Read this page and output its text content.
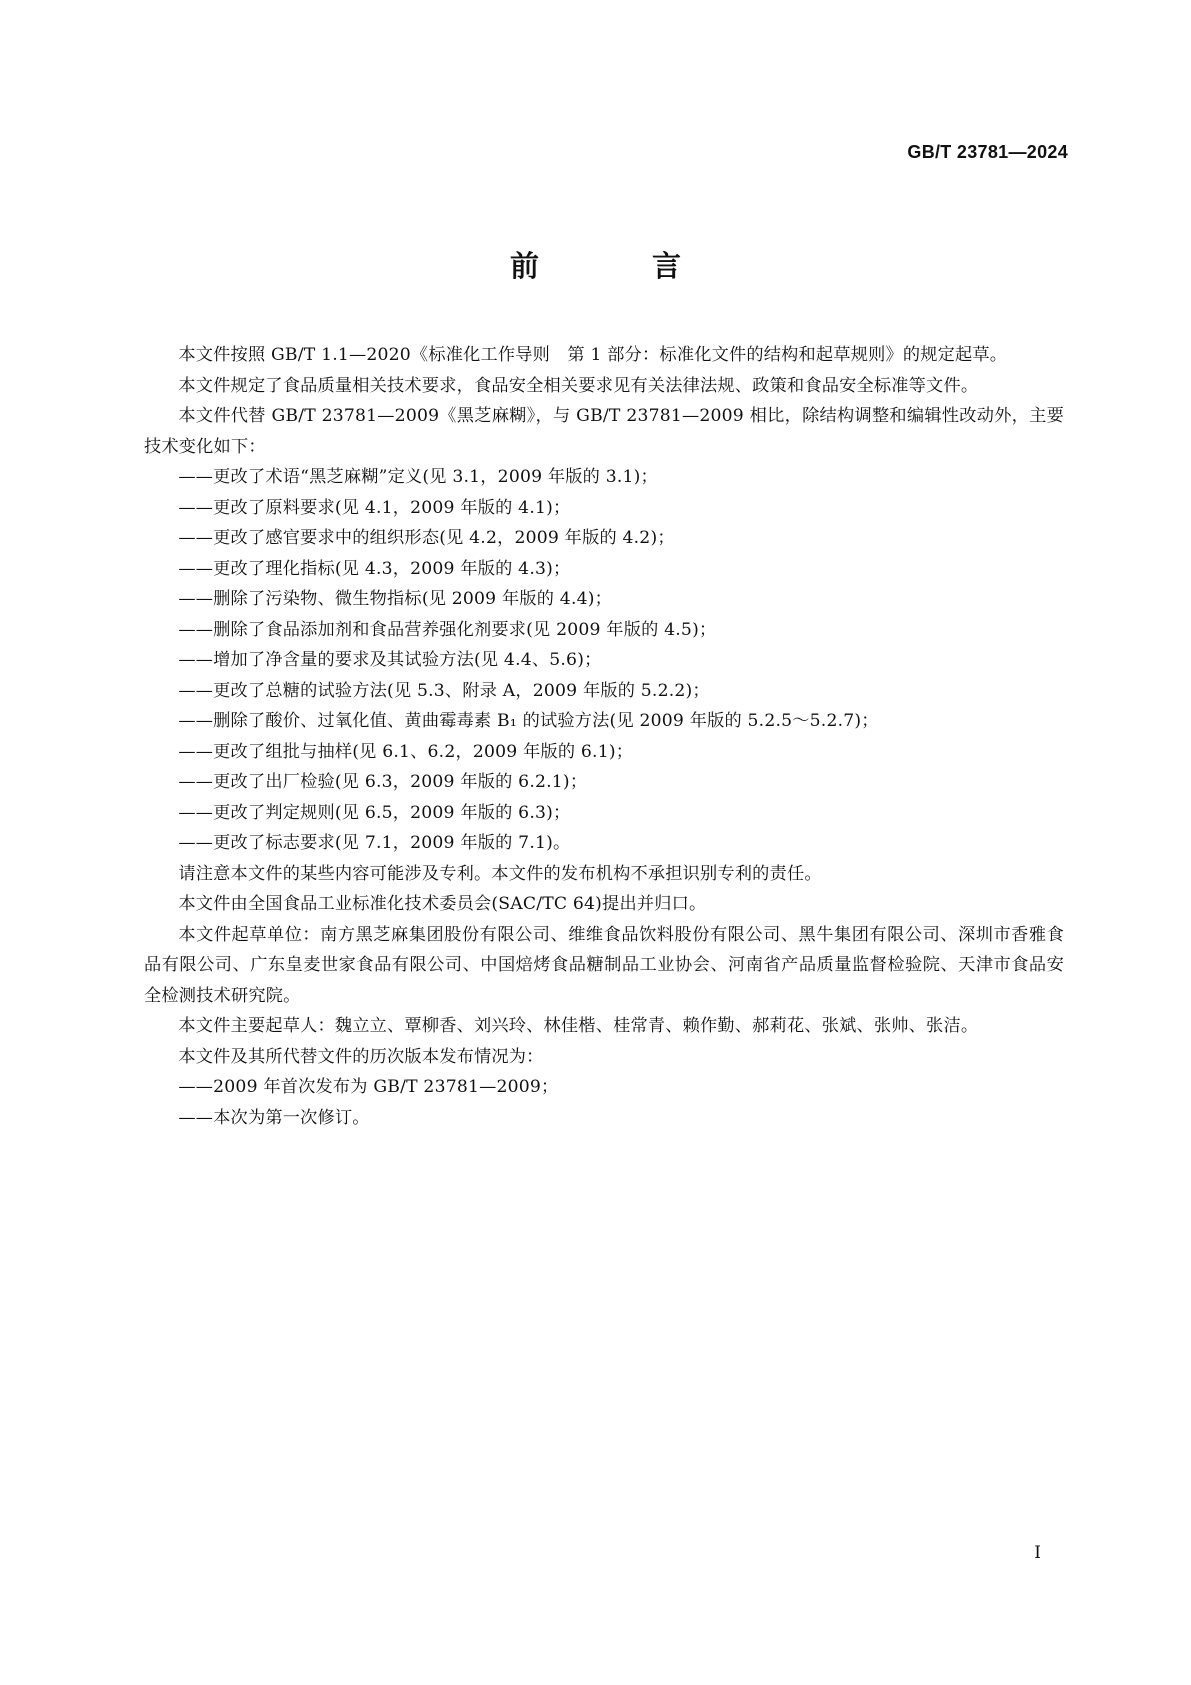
GB/T 23781—2024
前　言

本文件按照 GB/T 1.1—2020《标准化工作导则　第 1 部分：标准化文件的结构和起草规则》的规定起草。

本文件规定了食品质量相关技术要求，食品安全相关要求见有关法律法规、政策和食品安全标准等文件。

本文件代替 GB/T 23781—2009《黑芝麻糊》，与 GB/T 23781—2009 相比，除结构调整和编辑性改动外，主要技术变化如下：

——更改了术语“黑芝麻糊”定义(见 3.1，2009 年版的 3.1)；

——更改了原料要求(见 4.1，2009 年版的 4.1)；

——更改了感官要求中的组织形态(见 4.2，2009 年版的 4.2)；

——更改了理化指标(见 4.3，2009 年版的 4.3)；

——删除了污染物、微生物指标(见 2009 年版的 4.4)；

——删除了食品添加剂和食品营养强化剂要求(见 2009 年版的 4.5)；

——增加了净含量的要求及其试验方法(见 4.4、5.6)；

——更改了总糖的试验方法(见 5.3、附录 A，2009 年版的 5.2.2)；

——删除了酸价、过氧化值、黄曲霉毒素 B₁ 的试验方法(见 2009 年版的 5.2.5～5.2.7)；

——更改了组批与抽样(见 6.1、6.2，2009 年版的 6.1)；

——更改了出厂检验(见 6.3，2009 年版的 6.2.1)；

——更改了判定规则(见 6.5，2009 年版的 6.3)；

——更改了标志要求(见 7.1，2009 年版的 7.1)。

请注意本文件的某些内容可能涉及专利。本文件的发布机构不承担识别专利的责任。

本文件由全国食品工业标准化技术委员会(SAC/TC 64)提出并归口。

本文件起草单位：南方黑芝麻集团股份有限公司、维维食品饮料股份有限公司、黑牛集团有限公司、深圳市香雅食品有限公司、广东皇麦世家食品有限公司、中国焙烤食品糖制品工业协会、河南省产品质量监督检验院、天津市食品安全检测技术研究院。

本文件主要起草人：魏立立、覃柳香、刘兴玲、林佳楷、桂常青、赖作勤、郝莉花、张斌、张帅、张洁。

本文件及其所代替文件的历次版本发布情况为：

——2009 年首次发布为 GB/T 23781—2009；

——本次为第一次修订。

I
